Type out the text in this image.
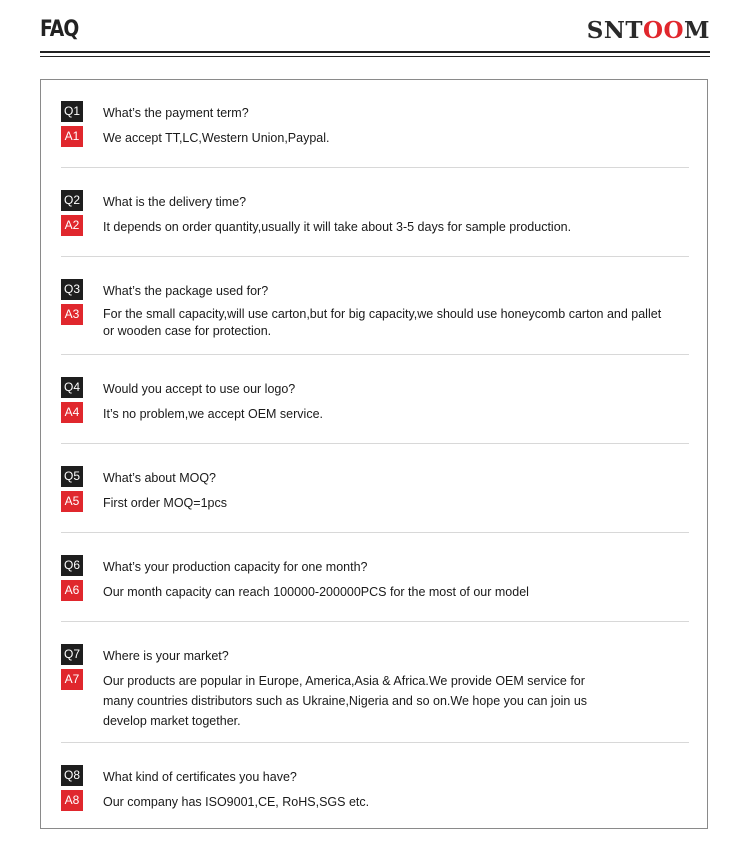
FAQ	SNTOOM
Q1 What’s the payment term?
A1 We accept TT,LC,Western Union,Paypal.
Q2 What is the delivery time?
A2 It depends on order quantity,usually it will take about 3-5 days for sample production.
Q3 What’s the package used for?
A3 For the small capacity,will use carton,but for big capacity,we should use honeycomb carton and pallet
or wooden case for protection.
Q4 Would you accept to use our logo?
A4 It’s no problem,we accept OEM service.
Q5 What’s about MOQ?
A5 First order MOQ=1pcs
Q6 What’s your production capacity for one month?
A6 Our month capacity can reach 100000-200000PCS for the most of our model
Q7 Where is your market?
A7 Our products are popular in Europe, America,Asia & Africa.We provide OEM service for
many countries distributors such as Ukraine,Nigeria and so on.We hope you can join us
develop market together.
Q8 What kind of certificates you have?
A8 Our company has ISO9001,CE, RoHS,SGS etc.
